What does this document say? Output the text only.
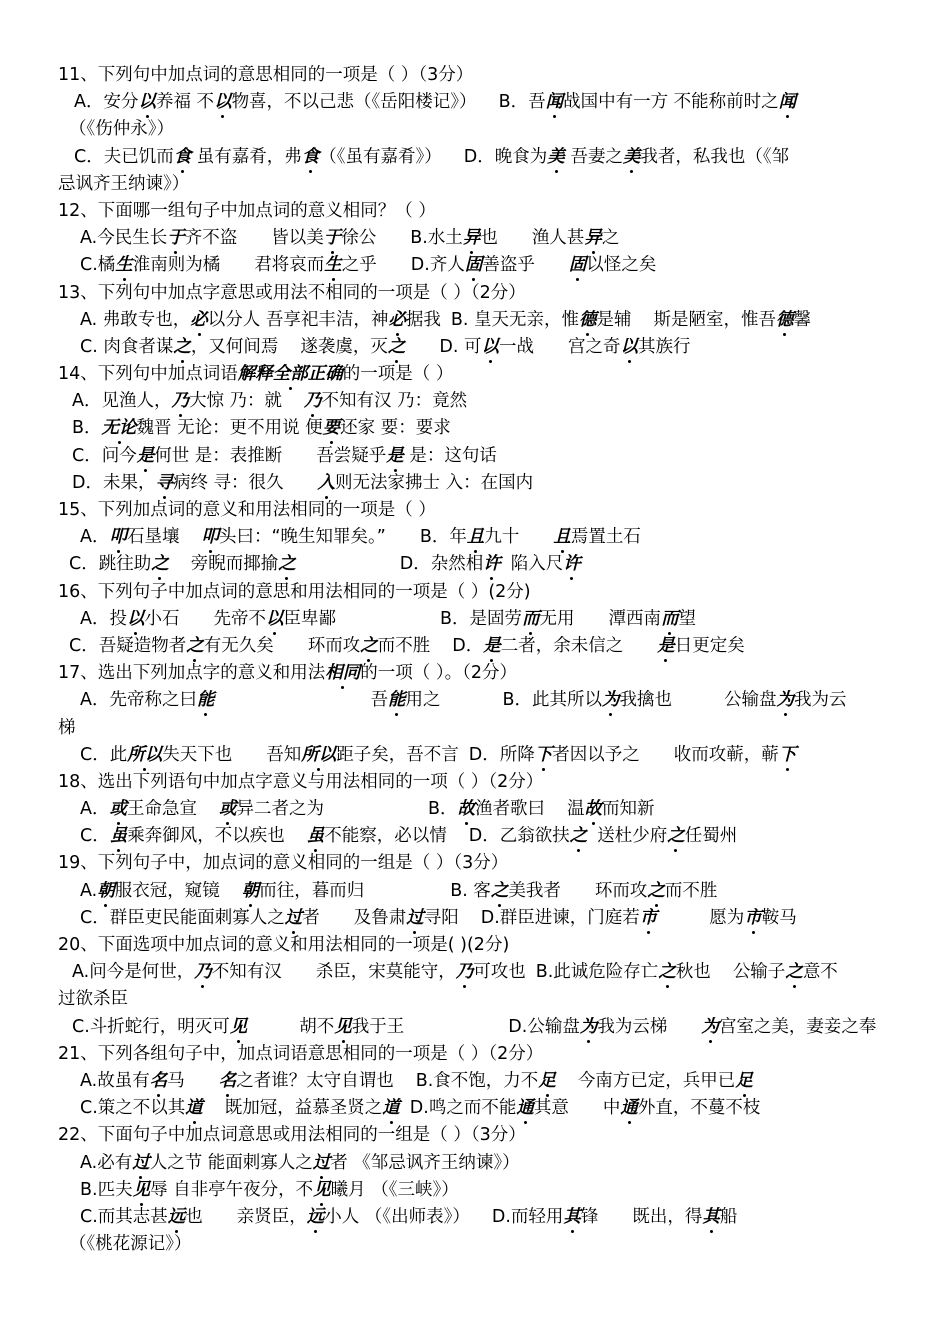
11、下列句中加点词的意思相同的一项是（ ）（3分）
A．安分以养福 不以物喜，不以己悲（《岳阳楼记》） B．吾闻战国中有一方 不能称前时之闻
（《伤仲永》）
C．夫已饥而食 虽有嘉肴，弗食（《虽有嘉肴》） D．晚食为美 吾妻之美我者，私我也（《邹
忌讽齐王纳谏》）
12、下面哪一组句子中加点词的意义相同？（ ）
A.今民生长于齐不盗 皆以美于徐公 B.水土异也 渔人甚异之
C.橘生淮南则为橘 君将哀而生之乎 D.齐人固善盗乎 固以怪之矣
13、下列句中加点字意思或用法不相同的一项是（ ）（2分）
A. 弗敢专也，必以分人 吾享祀丰洁，神必据我 B. 皇天无亲，惟德是辅 斯是陋室，惟吾德馨
C. 肉食者谋之，又何间焉 遂袭虞，灭之 D. 可以一战 宫之奇以其族行
14、下列句中加点词语解释全部正确的一项是（ ）
A．见渔人，乃大惊 乃：就 乃不知有汉 乃：竟然
B．无论魏晋 无论：更不用说 便要还家 要：要求
C．问今是何世 是：表推断 吾尝疑乎是 是：这句话
D．未果，寻病终 寻：很久 入则无法家拂士 入：在国内
15、下列加点词的意义和用法相同的一项是（ ）
A．叩石垦壤 叩头曰：“晚生知罪矣。” B．年且九十 且焉置土石
C．跳往助之 旁睨而揶揄之	D．杂然相许 陷入尺许
16、下列句子中加点词的意思和用法相同的一项是（ ）(2分)
A．投以小石 先帝不以臣卑鄙	B．是固劳而无用 潭西南而望
C．吾疑造物者之有无久矣 环而攻之而不胜 D．是二者，余未信之 是日更定矣
17、选出下列加点字的意义和用法相同的一项（ ）。（2分）
A．先帝称之曰能	吾能用之	B．此其所以为我擒也	公输盘为我为云
梯
C．此所以失天下也 吾知所以距子矣，吾不言 D．所降下者因以予之 收而攻蕲，蕲下
18、选出下列语句中加点字意义与用法相同的一项（ ）（2分）
A．或王命急宣 或异二者之为	B．故渔者歌曰 温故而知新
C．虽乘奔御风，不以疾也 虽不能察，必以情 D．乙翁欲扶之 送杜少府之任蜀州
19、下列句子中，加点词的意义相同的一组是（ ）（3分）
A.朝服衣冠，窥镜 朝而往，暮而归	B. 客之美我者 环而攻之而不胜
C．群臣吏民能面刺寡人之过者 及鲁肃过寻阳 D.群臣进谏，门庭若市	愿为市鞍马
20、下面选项中加点词的意义和用法相同的一项是( )(2分)
A.问今是何世，乃不知有汉 杀臣，宋莫能守，乃可攻也 B.此诚危险存亡之秋也 公输子之意不
过欲杀臣
C.斗折蛇行，明灭可见	胡不见我于王	D.公输盘为我为云梯 为宫室之美，妻妾之奉
21、下列各组句子中，加点词语意思相同的一项是（ ）（2分）
A.故虽有名马 名之者谁？太守自谓也 B.食不饱，力不足 今南方已定，兵甲已足
C.策之不以其道 既加冠，益慕圣贤之道 D.鸣之而不能通其意 中通外直，不蔓不枝
22、下面句子中加点词意思或用法相同的一组是（ ）（3分）
A.必有过人之节 能面刺寡人之过者 《邹忌讽齐王纳谏》）
B.匹夫见辱 自非亭午夜分，不见曦月 （《三峡》）
C.而其志甚远也 亲贤臣，远小人 （《出师表》） D.而轻用其锋 既出，得其船
（《桃花源记》）
